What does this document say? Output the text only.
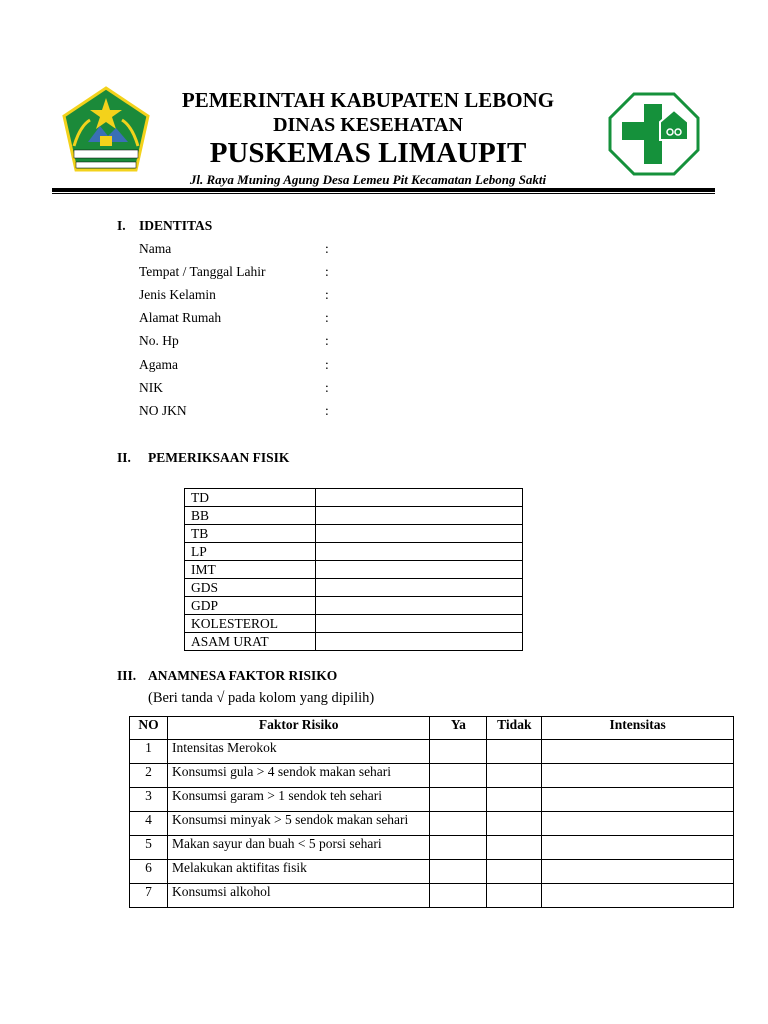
PEMERINTAH KABUPATEN LEBONG
DINAS KESEHATAN
PUSKEMAS LIMAUPIT
Jl. Raya Muning Agung Desa Lemeu Pit Kecamatan Lebong Sakti
I. IDENTITAS
Nama	:
Tempat / Tanggal Lahir	:
Jenis Kelamin	:
Alamat Rumah	:
No. Hp	:
Agama	:
NIK	:
NO JKN	:
II. PEMERIKSAAN FISIK
TD	
BB	
TB	
LP	
IMT	
GDS	
GDP	
KOLESTEROL	
ASAM URAT	
III. ANAMNESA FAKTOR RISIKO
(Beri tanda √ pada kolom yang dipilih)
NO	Faktor Risiko	Ya	Tidak	Intensitas
1	Intensitas Merokok			
2	Konsumsi gula > 4 sendok makan sehari			
3	Konsumsi garam > 1 sendok teh sehari			
4	Konsumsi minyak > 5 sendok makan sehari			
5	Makan sayur dan buah < 5 porsi sehari			
6	Melakukan aktifitas fisik			
7	Konsumsi alkohol			
